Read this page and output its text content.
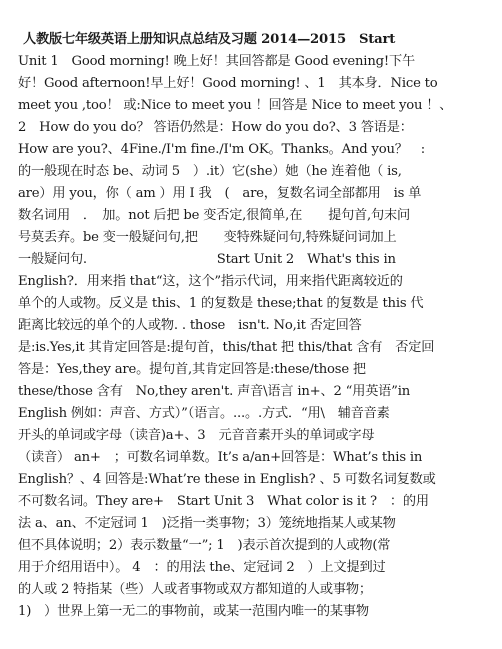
人教版七年级英语上册知识点总结及习题 2014—2015　Start
Unit 1　Good morning! 晚上好！其回答都是 Good evening!下午
好！Good afternoon!早上好！Good morning! 、1　其本身．Nice to
meet you ,too！ 或:Nice to meet you ！回答是 Nice to meet you ！、
2　How do you do？ 答语仍然是：How do you do?、3 答语是：
How are you?、4Fine./I'm fine./I'm OK。Thanks。And you？　:
的一般现在时态 be、动词 5　）.it）它(she）她（he 连着他（ is,
are）用 you，你（ am ）用 I 我　(　are，复数名词全部都用　is 单
数名词用　．　加。not 后把 be 变否定,很简单,在　　提句首,句末问
号莫丢弃。be 变一般疑问句,把　　变特殊疑问句,特殊疑问词加上
一般疑问句.　　　　　　　　　　Start Unit 2　What's this in
English?．用来指 that“这，这个”指示代词，用来指代距离较近的
单个的人或物。反义是 this、1 的复数是 these;that 的复数是 this 代
距离比较远的单个的人或物. . those　isn't. No,it 否定回答
是:is.Yes,it 其肯定回答是:提句首，this/that 把 this/that 含有　否定回
答是：Yes,they are。提句首,其肯定回答是:these/those 把
these/those 含有　No,they aren't. 声音\语言 in+、2 “用英语”in
English 例如：声音、方式）”（语言。...。.方式．“用\　辅音音素
开头的单词或字母（读音)a+、3　元音音素开头的单词或字母
（读音） an+　；可数名词单数。It’s a/an+回答是：What’s this in
English？、4 回答是:What’re these in English? 、5 可数名词复数或
不可数名词。They are+　Start Unit 3　What color is it ?　：的用
法 a、an、不定冠词 1　)泛指一类事物；3）笼统地指某人或某物
但不具体说明；2）表示数量“一”; 1　)表示首次提到的人或物(常
用于介绍用语中）。 4　：的用法 the、定冠词 2　）上文提到过
的人或 2 特指某（些）人或者事物或双方都知道的人或事物；
1)　）世界上第一无二的事物前，或某一范围内唯一的某事物
